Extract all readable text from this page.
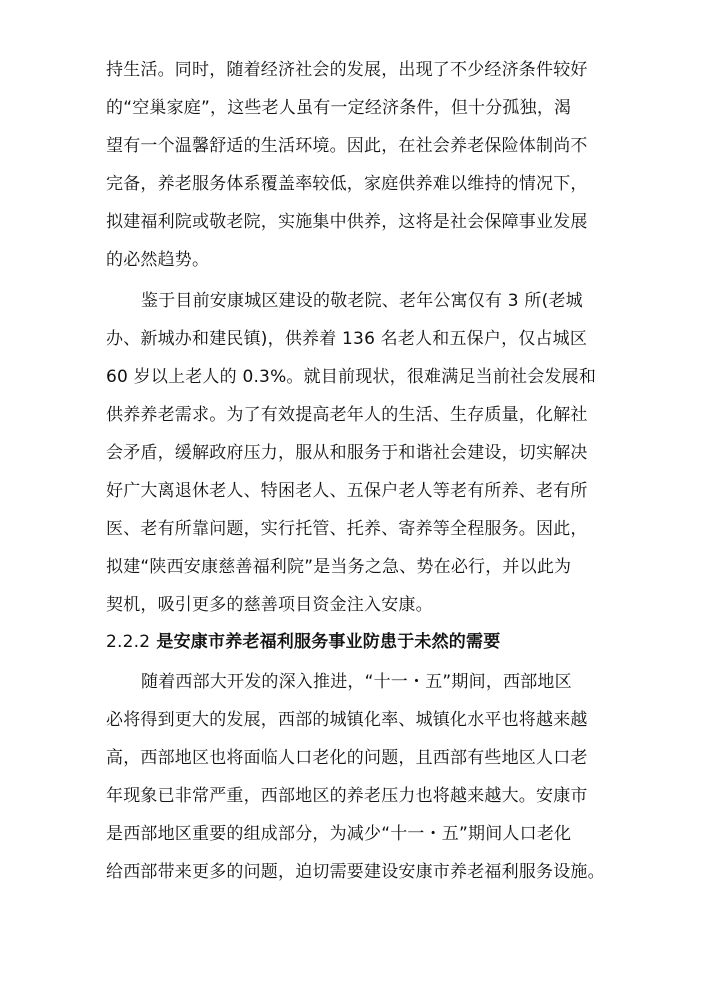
持生活。同时，随着经济社会的发展，出现了不少经济条件较好
的“空巢家庭”，这些老人虽有一定经济条件，但十分孤独，渴
望有一个温馨舒适的生活环境。因此，在社会养老保险体制尚不
完备，养老服务体系覆盖率较低，家庭供养难以维持的情况下，
拟建福利院或敬老院，实施集中供养，这将是社会保障事业发展
的必然趋势。
鉴于目前安康城区建设的敬老院、老年公寓仅有 3 所(老城
办、新城办和建民镇)，供养着 136 名老人和五保户，仅占城区
60 岁以上老人的 0.3%。就目前现状，很难满足当前社会发展和
供养养老需求。为了有效提高老年人的生活、生存质量，化解社
会矛盾，缓解政府压力，服从和服务于和谐社会建设，切实解决
好广大离退休老人、特困老人、五保户老人等老有所养、老有所
医、老有所靠问题，实行托管、托养、寄养等全程服务。因此，
拟建“陕西安康慈善福利院”是当务之急、势在必行，并以此为
契机，吸引更多的慈善项目资金注入安康。
2.2.2 是安康市养老福利服务事业防患于未然的需要
随着西部大开发的深入推进，“十一・五”期间，西部地区
必将得到更大的发展，西部的城镇化率、城镇化水平也将越来越
高，西部地区也将面临人口老化的问题，且西部有些地区人口老
年现象已非常严重，西部地区的养老压力也将越来越大。安康市
是西部地区重要的组成部分，为减少“十一・五”期间人口老化
给西部带来更多的问题，迫切需要建设安康市养老福利服务设施。
